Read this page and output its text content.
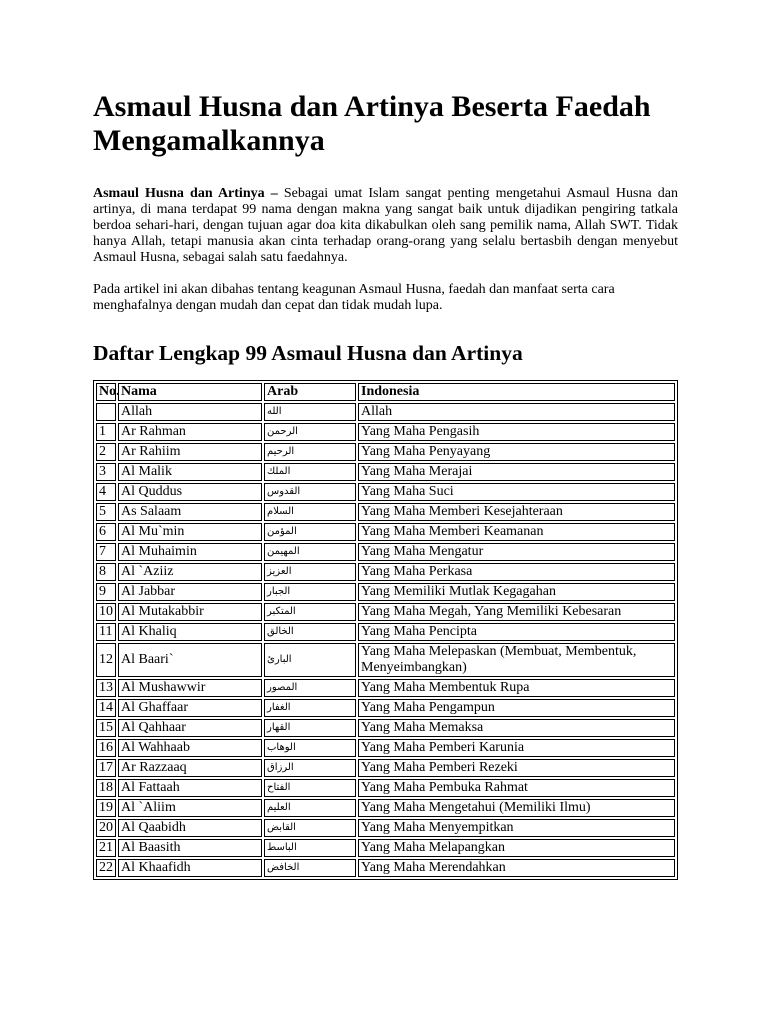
Asmaul Husna dan Artinya Beserta Faedah Mengamalkannya

Asmaul Husna dan Artinya – Sebagai umat Islam sangat penting mengetahui Asmaul Husna dan artinya, di mana terdapat 99 nama dengan makna yang sangat baik untuk dijadikan pengiring tatkala berdoa sehari-hari, dengan tujuan agar doa kita dikabulkan oleh sang pemilik nama, Allah SWT. Tidak hanya Allah, tetapi manusia akan cinta terhadap orang-orang yang selalu bertasbih dengan menyebut Asmaul Husna, sebagai salah satu faedahnya.

Pada artikel ini akan dibahas tentang keagunan Asmaul Husna, faedah dan manfaat serta cara menghafalnya dengan mudah dan cepat dan tidak mudah lupa.

Daftar Lengkap 99 Asmaul Husna dan Artinya
No.	Nama	Arab	Indonesia
	Allah	الله	Allah
1	Ar Rahman	الرحمن	Yang Maha Pengasih
2	Ar Rahiim	الرحيم	Yang Maha Penyayang
3	Al Malik	الملك	Yang Maha Merajai
4	Al Quddus	القدوس	Yang Maha Suci
5	As Salaam	السلام	Yang Maha Memberi Kesejahteraan
6	Al Mu`min	المؤمن	Yang Maha Memberi Keamanan
7	Al Muhaimin	المهيمن	Yang Maha Mengatur
8	Al `Aziiz	العزيز	Yang Maha Perkasa
9	Al Jabbar	الجبار	Yang Memiliki Mutlak Kegagahan
10	Al Mutakabbir	المتكبر	Yang Maha Megah, Yang Memiliki Kebesaran
11	Al Khaliq	الخالق	Yang Maha Pencipta
12	Al Baari`	البارئ	Yang Maha Melepaskan (Membuat, Membentuk, Menyeimbangkan)
13	Al Mushawwir	المصور	Yang Maha Membentuk Rupa
14	Al Ghaffaar	الغفار	Yang Maha Pengampun
15	Al Qahhaar	القهار	Yang Maha Memaksa
16	Al Wahhaab	الوهاب	Yang Maha Pemberi Karunia
17	Ar Razzaaq	الرزاق	Yang Maha Pemberi Rezeki
18	Al Fattaah	الفتاح	Yang Maha Pembuka Rahmat
19	Al `Aliim	العليم	Yang Maha Mengetahui (Memiliki Ilmu)
20	Al Qaabidh	القابض	Yang Maha Menyempitkan
21	Al Baasith	الباسط	Yang Maha Melapangkan
22	Al Khaafidh	الخافض	Yang Maha Merendahkan
